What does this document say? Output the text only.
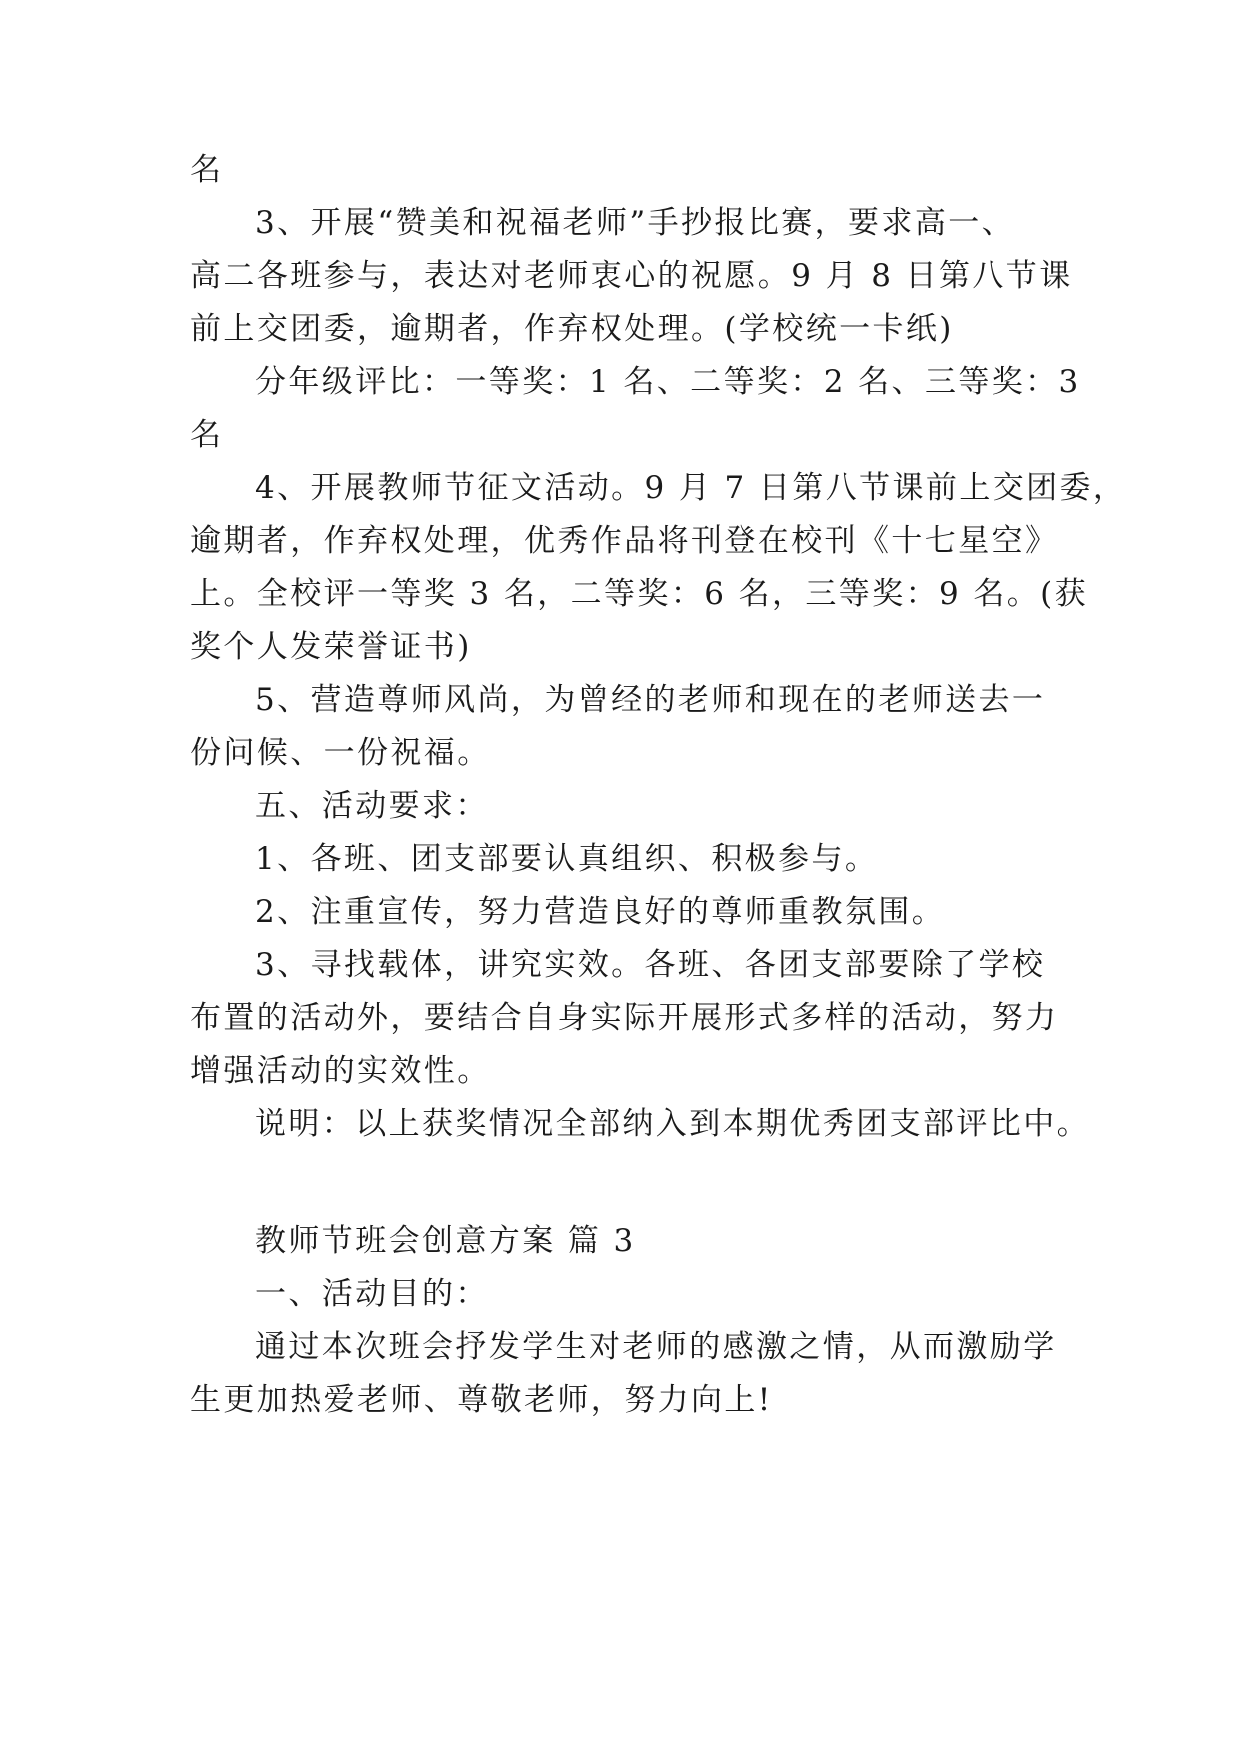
名
3、开展“赞美和祝福老师”手抄报比赛，要求高一、
高二各班参与，表达对老师衷心的祝愿。9 月 8 日第八节课
前上交团委，逾期者，作弃权处理。(学校统一卡纸)
分年级评比：一等奖：1 名、二等奖：2 名、三等奖：3
名
4、开展教师节征文活动。9 月 7 日第八节课前上交团委，
逾期者，作弃权处理，优秀作品将刊登在校刊《十七星空》
上。全校评一等奖 3 名，二等奖：6 名，三等奖：9 名。(获
奖个人发荣誉证书)
5、营造尊师风尚，为曾经的老师和现在的老师送去一
份问候、一份祝福。
五、活动要求：
1、各班、团支部要认真组织、积极参与。
2、注重宣传，努力营造良好的尊师重教氛围。
3、寻找载体，讲究实效。各班、各团支部要除了学校
布置的活动外，要结合自身实际开展形式多样的活动，努力
增强活动的实效性。
说明：以上获奖情况全部纳入到本期优秀团支部评比中。
教师节班会创意方案 篇 3
一、活动目的：
通过本次班会抒发学生对老师的感激之情，从而激励学
生更加热爱老师、尊敬老师，努力向上!
